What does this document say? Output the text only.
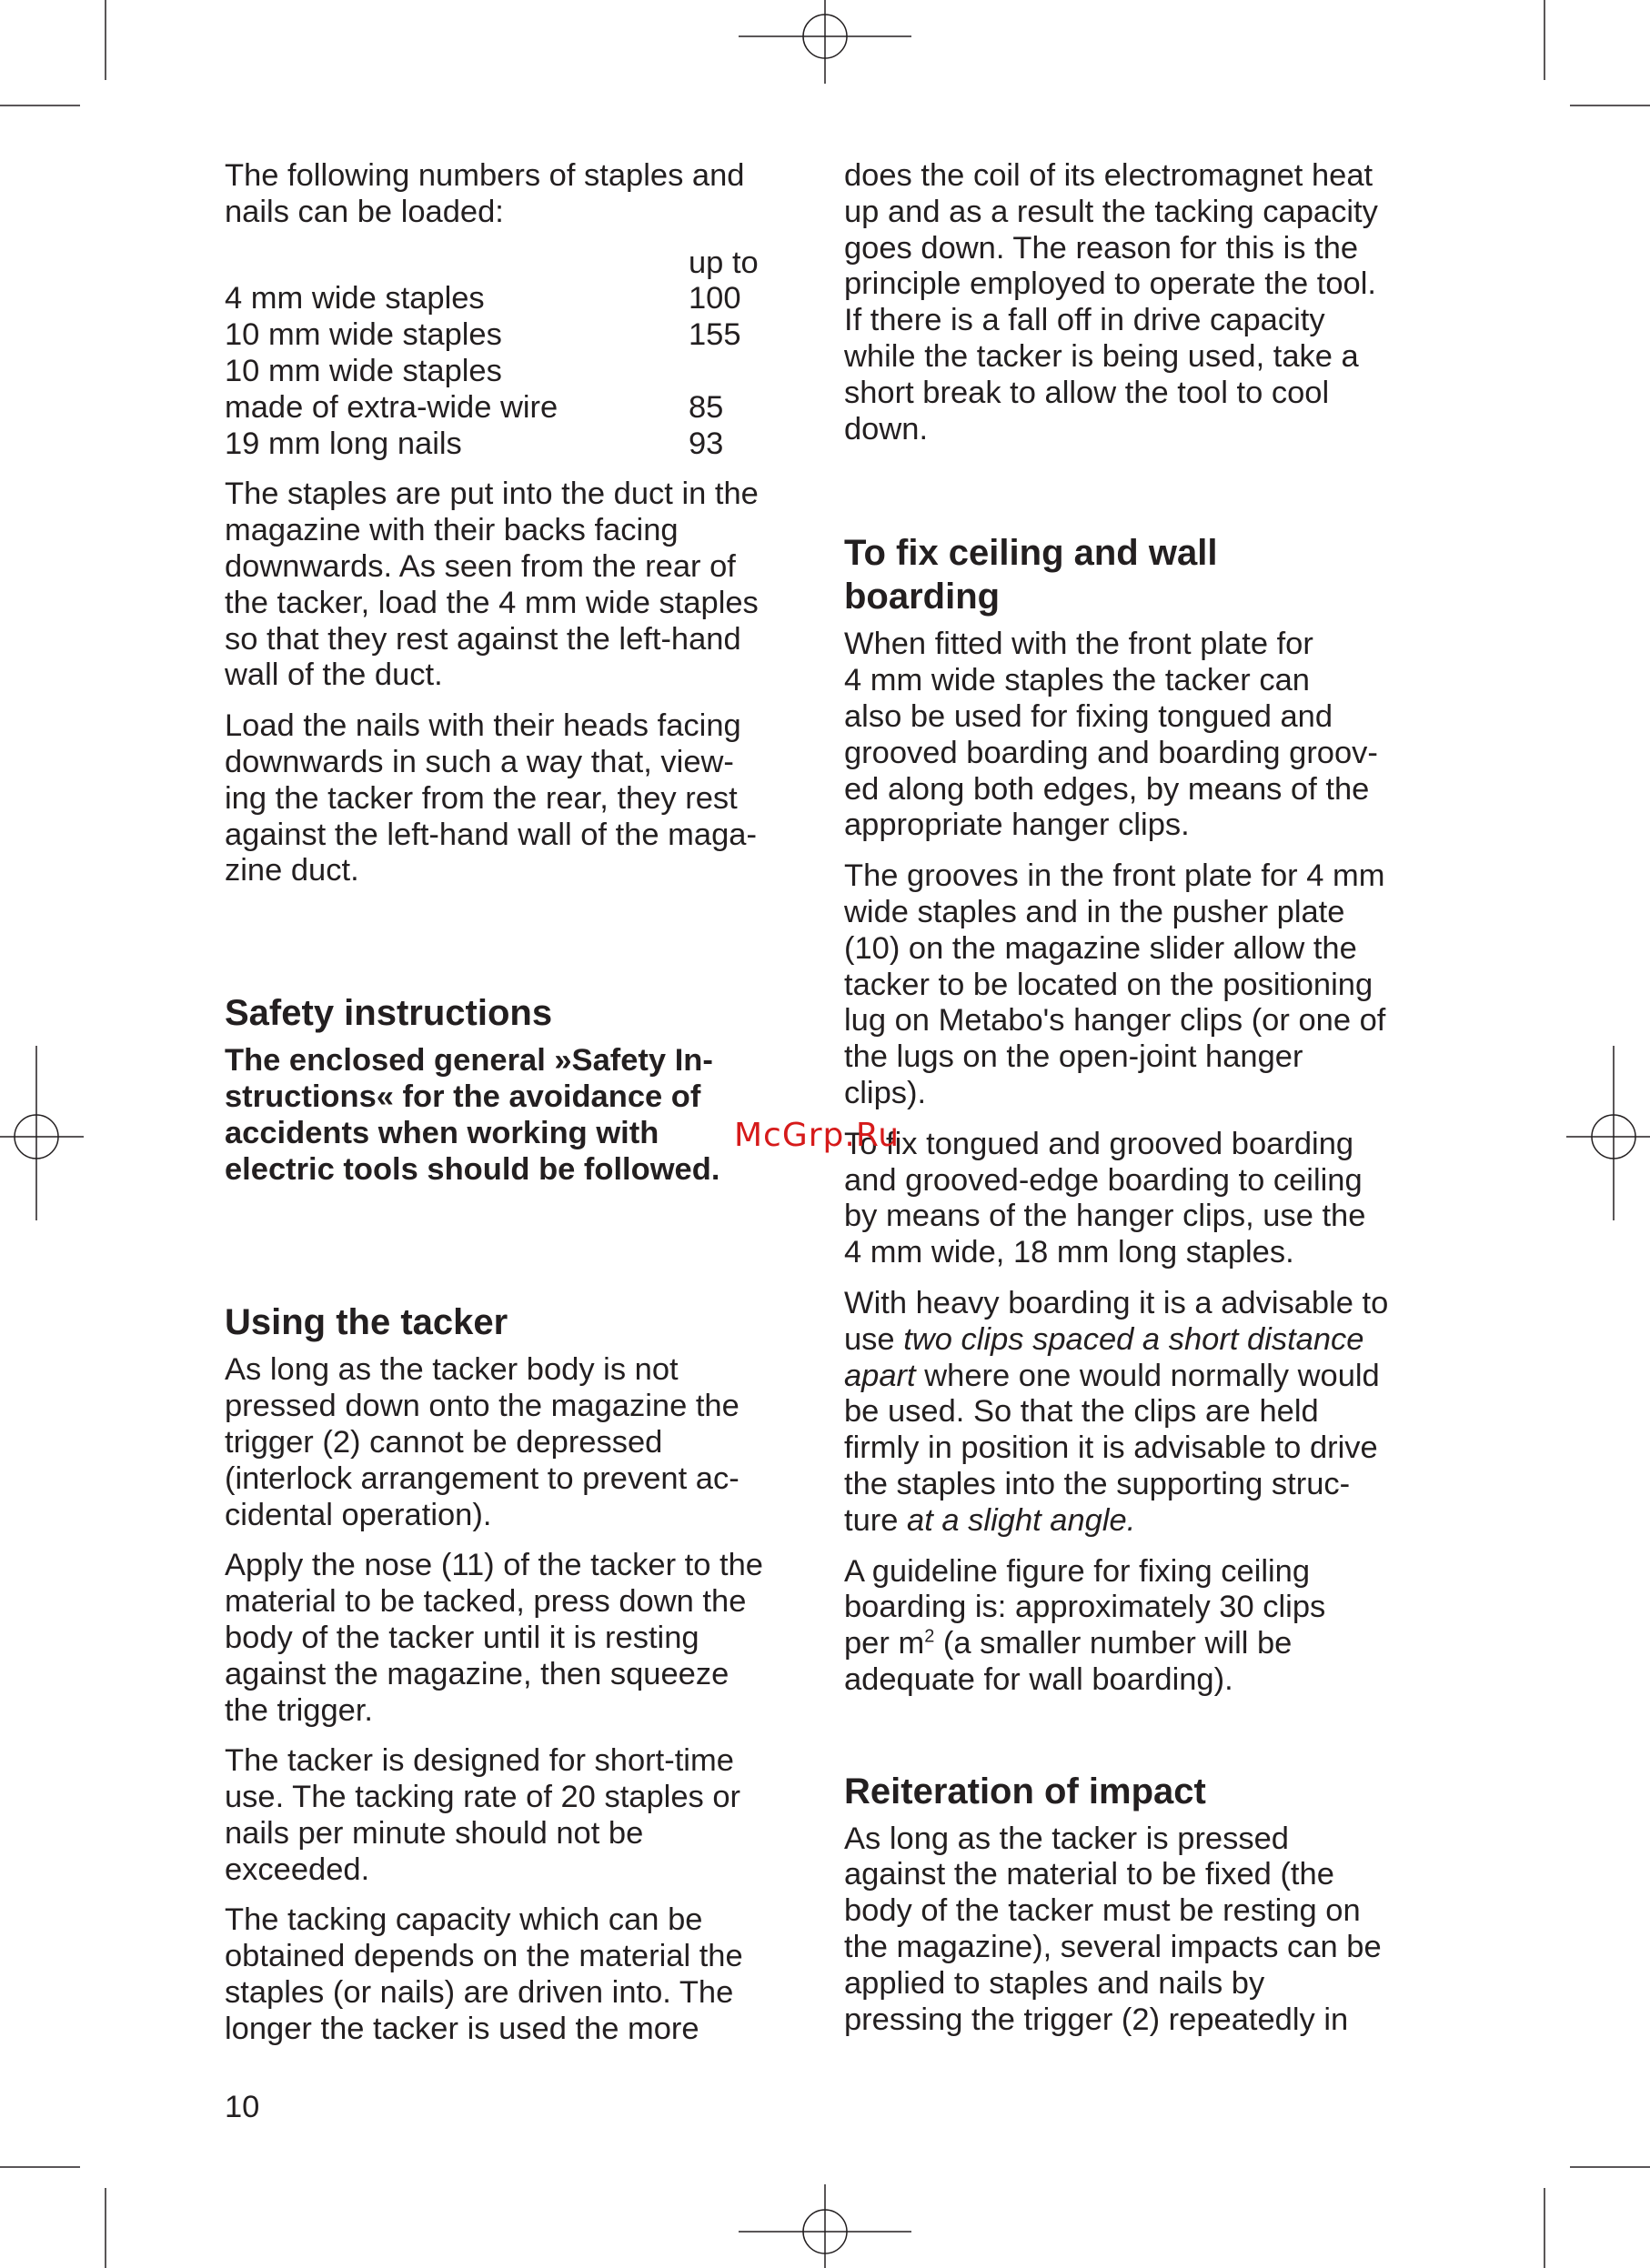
The following numbers of staples and
nails can be loaded:

up to
4 mm wide staples	100
10 mm wide staples	155
10 mm wide staples
made of extra-wide wire	85
19 mm long nails	93

The staples are put into the duct in the
magazine with their backs facing
downwards. As seen from the rear of
the tacker, load the 4 mm wide staples
so that they rest against the left-hand
wall of the duct.

Load the nails with their heads facing
downwards in such a way that, view-
ing the tacker from the rear, they rest
against the left-hand wall of the maga-
zine duct.

Safety instructions

The enclosed general »Safety In-
structions« for the avoidance of
accidents when working with
electric tools should be followed.

Using the tacker

As long as the tacker body is not
pressed down onto the magazine the
trigger (2) cannot be depressed
(interlock arrangement to prevent ac-
cidental operation).

Apply the nose (11) of the tacker to the
material to be tacked, press down the
body of the tacker until it is resting
against the magazine, then squeeze
the trigger.

The tacker is designed for short-time
use. The tacking rate of 20 staples or
nails per minute should not be
exceeded.

The tacking capacity which can be
obtained depends on the material the
staples (or nails) are driven into. The
longer the tacker is used the more

does the coil of its electromagnet heat
up and as a result the tacking capacity
goes down. The reason for this is the
principle employed to operate the tool.
If there is a fall off in drive capacity
while the tacker is being used, take a
short break to allow the tool to cool
down.

To fix ceiling and wall
boarding

When fitted with the front plate for
4 mm wide staples the tacker can
also be used for fixing tongued and
grooved boarding and boarding groov-
ed along both edges, by means of the
appropriate hanger clips.

The grooves in the front plate for 4 mm
wide staples and in the pusher plate
(10) on the magazine slider allow the
tacker to be located on the positioning
lug on Metabo's hanger clips (or one of
the lugs on the open-joint hanger
clips).

To fix tongued and grooved boarding
and grooved-edge boarding to ceiling
by means of the hanger clips, use the
4 mm wide, 18 mm long staples.

With heavy boarding it is a advisable to
use two clips spaced a short distance
apart where one would normally would
be used. So that the clips are held
firmly in position it is advisable to drive
the staples into the supporting struc-
ture at a slight angle.

A guideline figure for fixing ceiling
boarding is: approximately 30 clips
per $m^2$ (a smaller number will be
adequate for wall boarding).

Reiteration of impact

As long as the tacker is pressed
against the material to be fixed (the
body of the tacker must be resting on
the magazine), several impacts can be
applied to staples and nails by
pressing the trigger (2) repeatedly in

McGrp.Ru
10
